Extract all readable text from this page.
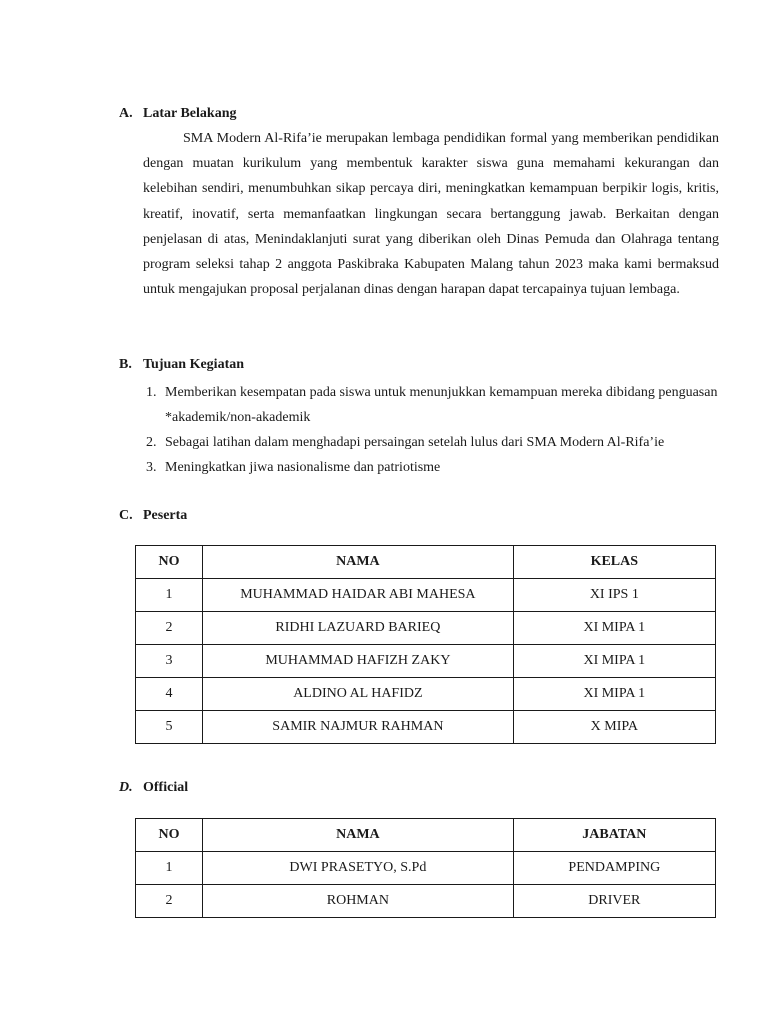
A. Latar Belakang

SMA Modern Al-Rifa’ie merupakan lembaga pendidikan formal yang memberikan pendidikan dengan muatan kurikulum yang membentuk karakter siswa guna memahami kekurangan dan kelebihan sendiri, menumbuhkan sikap percaya diri, meningkatkan kemampuan berpikir logis, kritis, kreatif, inovatif, serta memanfaatkan lingkungan secara bertanggung jawab. Berkaitan dengan penjelasan di atas, Menindaklanjuti surat yang diberikan oleh Dinas Pemuda dan Olahraga tentang program seleksi tahap 2 anggota Paskibraka Kabupaten Malang tahun 2023 maka kami bermaksud untuk mengajukan proposal perjalanan dinas dengan harapan dapat tercapainya tujuan lembaga.

B. Tujuan Kegiatan
1. Memberikan kesempatan pada siswa untuk menunjukkan kemampuan mereka dibidang penguasan *akademik/non-akademik
2. Sebagai latihan dalam menghadapi persaingan setelah lulus dari SMA Modern Al-Rifa’ie
3. Meningkatkan jiwa nasionalisme dan patriotisme
C. Peserta
NO	NAMA	KELAS
1	MUHAMMAD HAIDAR ABI MAHESA	XI IPS 1
2	RIDHI LAZUARD BARIEQ	XI MIPA 1
3	MUHAMMAD HAFIZH ZAKY	XI MIPA 1
4	ALDINO AL HAFIDZ	XI MIPA 1
5	SAMIR NAJMUR RAHMAN	X MIPA
D. Official
NO	NAMA	JABATAN
1	DWI PRASETYO, S.Pd	PENDAMPING
2	ROHMAN	DRIVER
